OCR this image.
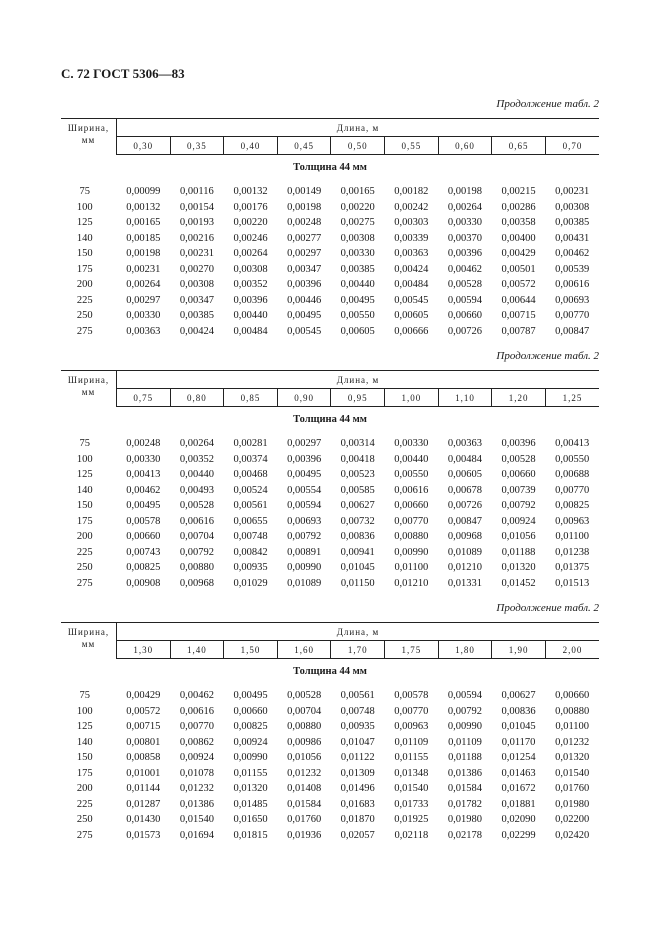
С. 72 ГОСТ 5306—83
Продолжение табл. 2
Ширина,
мм	Длина, м								
	0,30	0,35	0,40	0,45	0,50	0,55	0,60	0,65	0,70
Толщина 44 мм									
75	0,00099	0,00116	0,00132	0,00149	0,00165	0,00182	0,00198	0,00215	0,00231
100	0,00132	0,00154	0,00176	0,00198	0,00220	0,00242	0,00264	0,00286	0,00308
125	0,00165	0,00193	0,00220	0,00248	0,00275	0,00303	0,00330	0,00358	0,00385
140	0,00185	0,00216	0,00246	0,00277	0,00308	0,00339	0,00370	0,00400	0,00431
150	0,00198	0,00231	0,00264	0,00297	0,00330	0,00363	0,00396	0,00429	0,00462
175	0,00231	0,00270	0,00308	0,00347	0,00385	0,00424	0,00462	0,00501	0,00539
200	0,00264	0,00308	0,00352	0,00396	0,00440	0,00484	0,00528	0,00572	0,00616
225	0,00297	0,00347	0,00396	0,00446	0,00495	0,00545	0,00594	0,00644	0,00693
250	0,00330	0,00385	0,00440	0,00495	0,00550	0,00605	0,00660	0,00715	0,00770
275	0,00363	0,00424	0,00484	0,00545	0,00605	0,00666	0,00726	0,00787	0,00847
Продолжение табл. 2
Ширина,
мм	Длина, м								
	0,75	0,80	0,85	0,90	0,95	1,00	1,10	1,20	1,25
Толщина 44 мм									
75	0,00248	0,00264	0,00281	0,00297	0,00314	0,00330	0,00363	0,00396	0,00413
100	0,00330	0,00352	0,00374	0,00396	0,00418	0,00440	0,00484	0,00528	0,00550
125	0,00413	0,00440	0,00468	0,00495	0,00523	0,00550	0,00605	0,00660	0,00688
140	0,00462	0,00493	0,00524	0,00554	0,00585	0,00616	0,00678	0,00739	0,00770
150	0,00495	0,00528	0,00561	0,00594	0,00627	0,00660	0,00726	0,00792	0,00825
175	0,00578	0,00616	0,00655	0,00693	0,00732	0,00770	0,00847	0,00924	0,00963
200	0,00660	0,00704	0,00748	0,00792	0,00836	0,00880	0,00968	0,01056	0,01100
225	0,00743	0,00792	0,00842	0,00891	0,00941	0,00990	0,01089	0,01188	0,01238
250	0,00825	0,00880	0,00935	0,00990	0,01045	0,01100	0,01210	0,01320	0,01375
275	0,00908	0,00968	0,01029	0,01089	0,01150	0,01210	0,01331	0,01452	0,01513
Продолжение табл. 2
Ширина,
мм	Длина, м								
	1,30	1,40	1,50	1,60	1,70	1,75	1,80	1,90	2,00
Толщина 44 мм									
75	0,00429	0,00462	0,00495	0,00528	0,00561	0,00578	0,00594	0,00627	0,00660
100	0,00572	0,00616	0,00660	0,00704	0,00748	0,00770	0,00792	0,00836	0,00880
125	0,00715	0,00770	0,00825	0,00880	0,00935	0,00963	0,00990	0,01045	0,01100
140	0,00801	0,00862	0,00924	0,00986	0,01047	0,01109	0,01109	0,01170	0,01232
150	0,00858	0,00924	0,00990	0,01056	0,01122	0,01155	0,01188	0,01254	0,01320
175	0,01001	0,01078	0,01155	0,01232	0,01309	0,01348	0,01386	0,01463	0,01540
200	0,01144	0,01232	0,01320	0,01408	0,01496	0,01540	0,01584	0,01672	0,01760
225	0,01287	0,01386	0,01485	0,01584	0,01683	0,01733	0,01782	0,01881	0,01980
250	0,01430	0,01540	0,01650	0,01760	0,01870	0,01925	0,01980	0,02090	0,02200
275	0,01573	0,01694	0,01815	0,01936	0,02057	0,02118	0,02178	0,02299	0,02420
